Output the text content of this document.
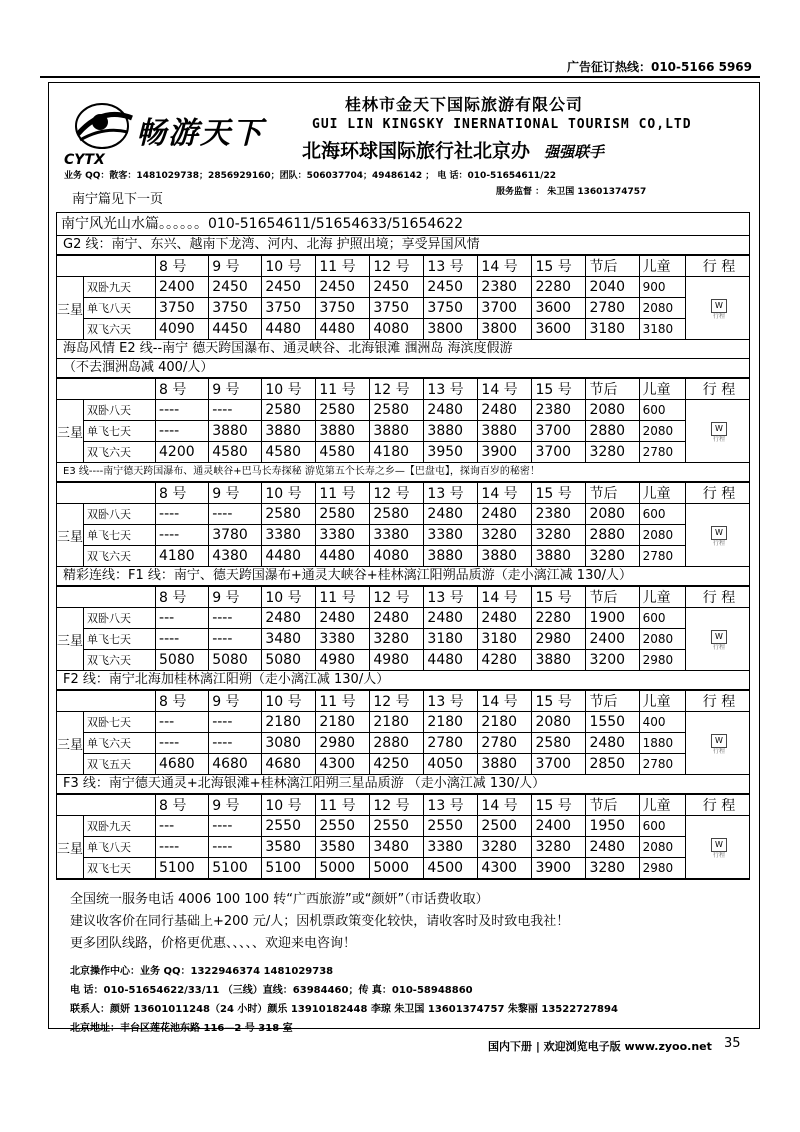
广告征订热线：010-5166 5969
畅游天下
CYTX
桂林市金天下国际旅游有限公司
GUI LIN KINGSKY INERNATIONAL TOURISM CO,LTD
北海环球国际旅行社北京办 强强联手
业务 QQ：散客：1481029738；2856929160；团队：506037704；49486142 ； 电 话：010-51654611/22
服务监督 ： 朱卫国 13601374757
南宁篇见下一页
南宁风光山水篇。。。。。。010-51654611/51654633/51654622
G2 线：南宁、东兴、越南下龙湾、河内、北海 护照出境；享受异国风情
		8 号	9 号	10 号	11 号	12 号	13 号	14 号	15 号	节后	儿童	行 程
三星	双卧九天	2400	2450	2450	2450	2450	2450	2380	2280	2040	900	W
行程

	单飞八天	3750	3750	3750	3750	3750	3750	3700	3600	2780	2080	
	双飞六天	4090	4450	4480	4480	4080	3800	3800	3600	3180	3180	
海岛风情 E2 线--南宁 德天跨国瀑布、通灵峡谷、北海银滩 涠洲岛 海滨度假游
（不去涠洲岛减 400/人）
		8 号	9 号	10 号	11 号	12 号	13 号	14 号	15 号	节后	儿童	行 程
三星	双卧八天	----	----	2580	2580	2580	2480	2480	2380	2080	600	W
行程

	单飞七天	----	3880	3880	3880	3880	3880	3880	3700	2880	2080	
	双飞六天	4200	4580	4580	4580	4180	3950	3900	3700	3280	2780	
E3 线----南宁德天跨国瀑布、通灵峡谷+巴马长寿探秘 游览第五个长寿之乡—【巴盘屯】，探询百岁的秘密！
		8 号	9 号	10 号	11 号	12 号	13 号	14 号	15 号	节后	儿童	行 程
三星	双卧八天	----	----	2580	2580	2580	2480	2480	2380	2080	600	W
行程

	单飞七天	----	3780	3380	3380	3380	3380	3280	3280	2880	2080	
	双飞六天	4180	4380	4480	4480	4080	3880	3880	3880	3280	2780	
精彩连线：F1 线：南宁、德天跨国瀑布+通灵大峡谷+桂林漓江阳朔品质游（走小漓江减 130/人）
		8 号	9 号	10 号	11 号	12 号	13 号	14 号	15 号	节后	儿童	行 程
三星	双卧八天	---	----	2480	2480	2480	2480	2480	2280	1900	600	W
行程

	单飞七天	----	----	3480	3380	3280	3180	3180	2980	2400	2080	
	双飞六天	5080	5080	5080	4980	4980	4480	4280	3880	3200	2980	
F2 线：南宁北海加桂林漓江阳朔（走小漓江减 130/人）
		8 号	9 号	10 号	11 号	12 号	13 号	14 号	15 号	节后	儿童	行 程
三星	双卧七天	---	----	2180	2180	2180	2180	2180	2080	1550	400	W
行程

	单飞六天	----	----	3080	2980	2880	2780	2780	2580	2480	1880	
	双飞五天	4680	4680	4680	4300	4250	4050	3880	3700	2850	2780	
F3 线：南宁德天通灵+北海银滩+桂林漓江阳朔三星品质游 （走小漓江减 130/人）
		8 号	9 号	10 号	11 号	12 号	13 号	14 号	15 号	节后	儿童	行 程
三星	双卧九天	---	----	2550	2550	2550	2550	2500	2400	1950	600	W
行程

	单飞八天	----	----	3580	3580	3480	3380	3280	3280	2480	2080	
	双飞七天	5100	5100	5100	5000	5000	4500	4300	3900	3280	2980	
全国统一服务电话 4006 100 100 转“广西旅游”或“颜妍”（市话费收取）
建议收客价在同行基础上+200 元/人；因机票政策变化较快，请收客时及时致电我社！
更多团队线路，价格更优惠、、、、、欢迎来电咨询！
北京操作中心：业务 QQ：1322946374 1481029738
电 话：010-51654622/33/11 （三线）直线：63984460；传 真：010-58948860
联系人：颜妍 13601011248（24 小时）颜乐 13910182448 李琼 朱卫国 13601374757 朱黎丽 13522727894
北京地址：丰台区莲花池东路 116—2 号 318 室
国内下册 | 欢迎浏览电子版 www.zyoo.net 35
